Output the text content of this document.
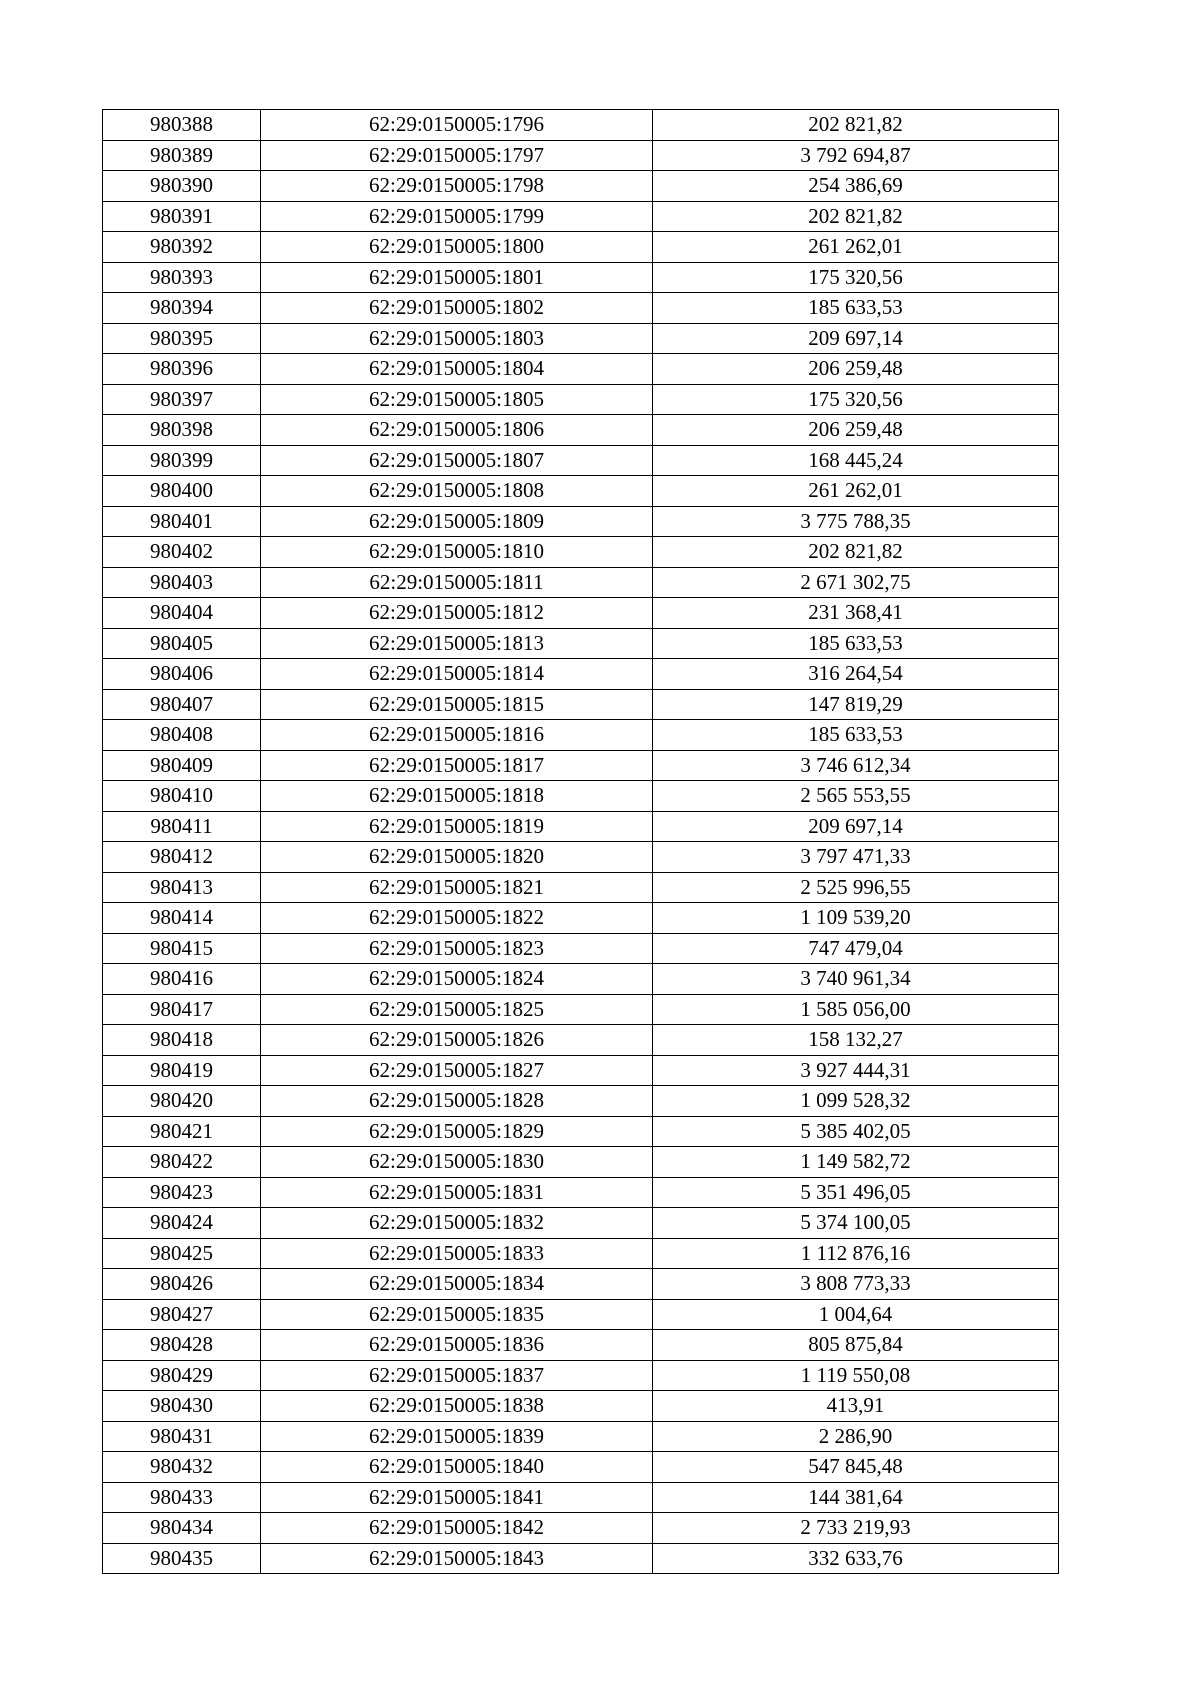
980388	62:29:0150005:1796	202 821,82
980389	62:29:0150005:1797	3 792 694,87
980390	62:29:0150005:1798	254 386,69
980391	62:29:0150005:1799	202 821,82
980392	62:29:0150005:1800	261 262,01
980393	62:29:0150005:1801	175 320,56
980394	62:29:0150005:1802	185 633,53
980395	62:29:0150005:1803	209 697,14
980396	62:29:0150005:1804	206 259,48
980397	62:29:0150005:1805	175 320,56
980398	62:29:0150005:1806	206 259,48
980399	62:29:0150005:1807	168 445,24
980400	62:29:0150005:1808	261 262,01
980401	62:29:0150005:1809	3 775 788,35
980402	62:29:0150005:1810	202 821,82
980403	62:29:0150005:1811	2 671 302,75
980404	62:29:0150005:1812	231 368,41
980405	62:29:0150005:1813	185 633,53
980406	62:29:0150005:1814	316 264,54
980407	62:29:0150005:1815	147 819,29
980408	62:29:0150005:1816	185 633,53
980409	62:29:0150005:1817	3 746 612,34
980410	62:29:0150005:1818	2 565 553,55
980411	62:29:0150005:1819	209 697,14
980412	62:29:0150005:1820	3 797 471,33
980413	62:29:0150005:1821	2 525 996,55
980414	62:29:0150005:1822	1 109 539,20
980415	62:29:0150005:1823	747 479,04
980416	62:29:0150005:1824	3 740 961,34
980417	62:29:0150005:1825	1 585 056,00
980418	62:29:0150005:1826	158 132,27
980419	62:29:0150005:1827	3 927 444,31
980420	62:29:0150005:1828	1 099 528,32
980421	62:29:0150005:1829	5 385 402,05
980422	62:29:0150005:1830	1 149 582,72
980423	62:29:0150005:1831	5 351 496,05
980424	62:29:0150005:1832	5 374 100,05
980425	62:29:0150005:1833	1 112 876,16
980426	62:29:0150005:1834	3 808 773,33
980427	62:29:0150005:1835	1 004,64
980428	62:29:0150005:1836	805 875,84
980429	62:29:0150005:1837	1 119 550,08
980430	62:29:0150005:1838	413,91
980431	62:29:0150005:1839	2 286,90
980432	62:29:0150005:1840	547 845,48
980433	62:29:0150005:1841	144 381,64
980434	62:29:0150005:1842	2 733 219,93
980435	62:29:0150005:1843	332 633,76
